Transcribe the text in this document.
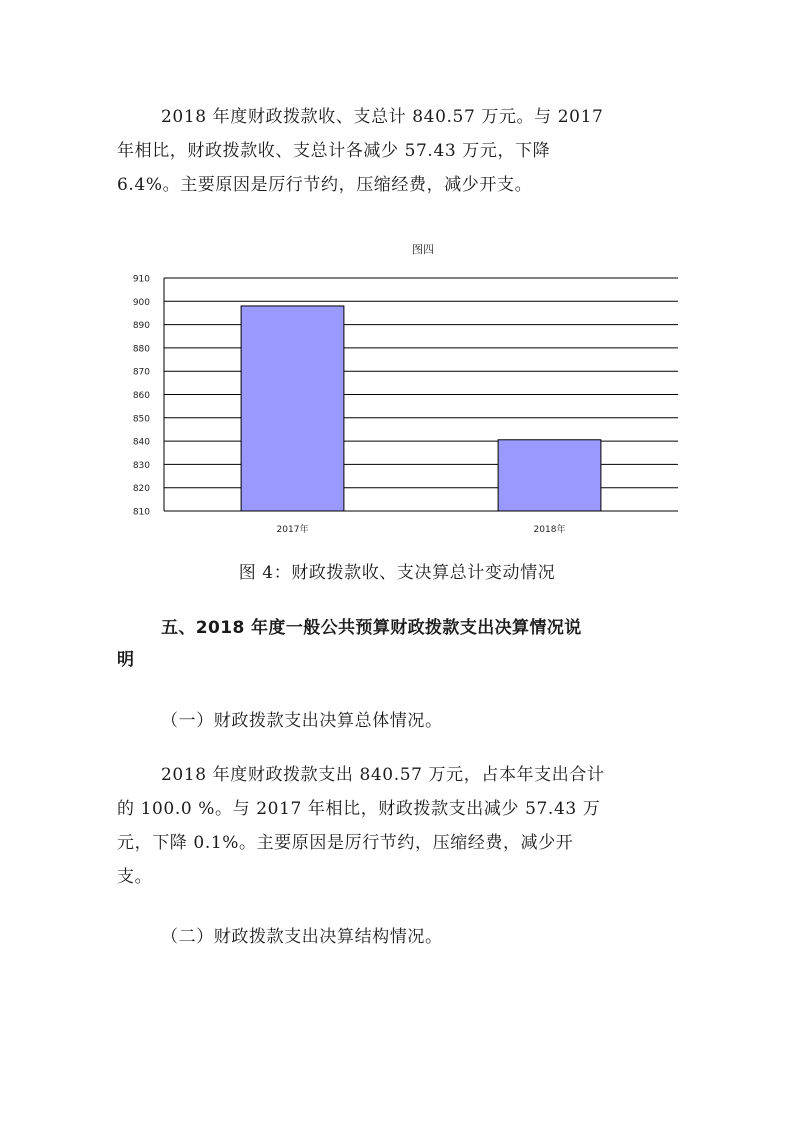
2018 年度财政拨款收、支总计 840.57 万元。与 2017
年相比，财政拨款收、支总计各减少 57.43 万元，下降
6.4%。主要原因是厉行节约，压缩经费，减少开支。
图四
810
820
830
840
850
860
870
880
890
900
910
2017年	2018年
图 4：财政拨款收、支决算总计变动情况
五、2018 年度一般公共预算财政拨款支出决算情况说
明
（一）财政拨款支出决算总体情况。
2018 年度财政拨款支出 840.57 万元，占本年支出合计
的 100.0 %。与 2017 年相比，财政拨款支出减少 57.43 万
元，下降 0.1%。主要原因是厉行节约，压缩经费，减少开
支。
（二）财政拨款支出决算结构情况。
